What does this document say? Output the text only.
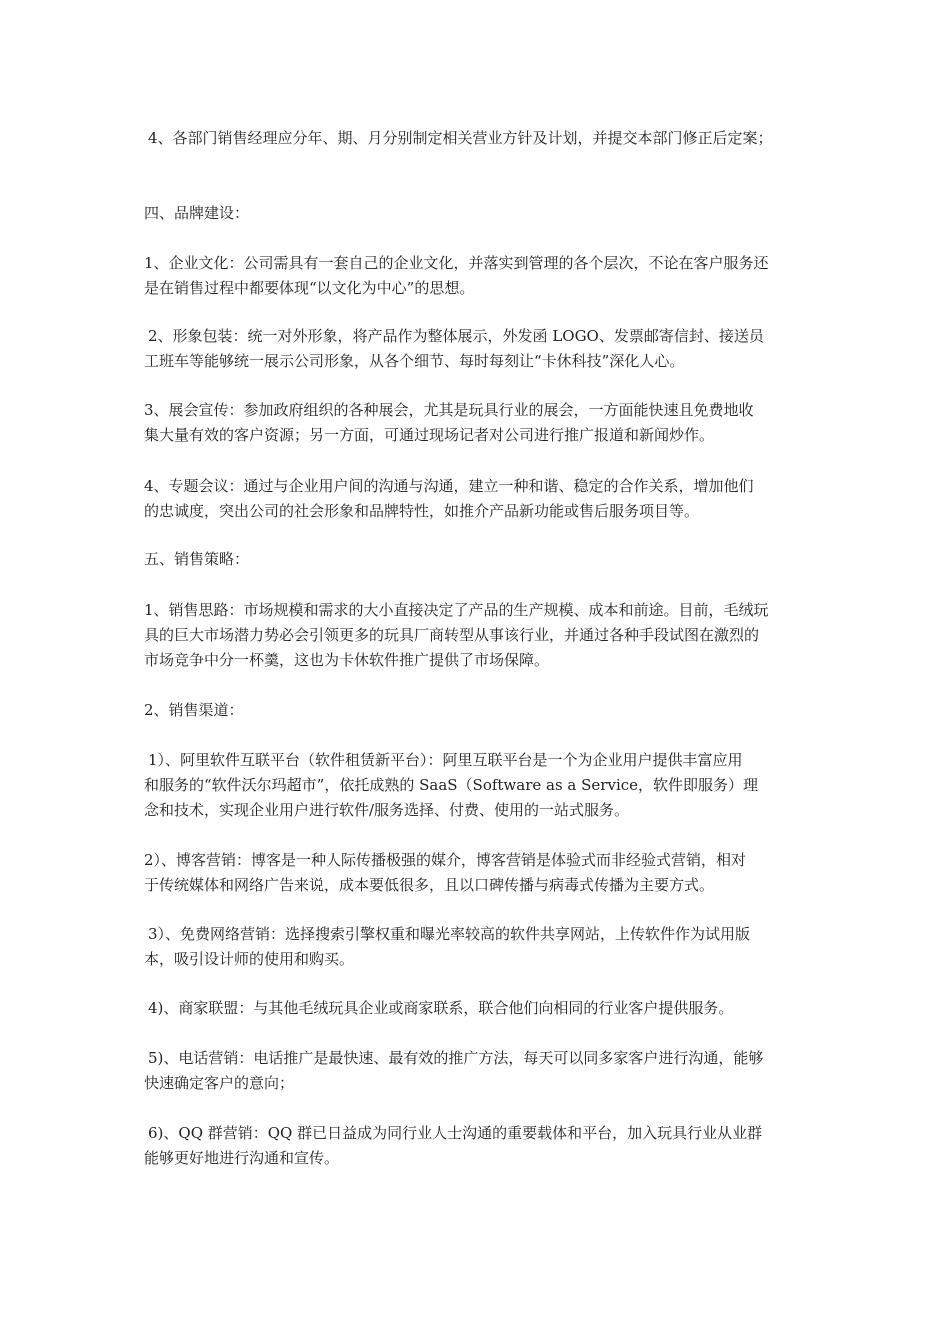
4、各部门销售经理应分年、期、月分别制定相关营业方针及计划，并提交本部门修正后定案；

四、品牌建设：

1、企业文化：公司需具有一套自己的企业文化，并落实到管理的各个层次，不论在客户服务还
是在销售过程中都要体现“以文化为中心”的思想。

2、形象包装：统一对外形象，将产品作为整体展示，外发函 LOGO、发票邮寄信封、接送员
工班车等能够统一展示公司形象，从各个细节、每时每刻让“卡休科技”深化人心。

3、展会宣传：参加政府组织的各种展会，尤其是玩具行业的展会，一方面能快速且免费地收
集大量有效的客户资源；另一方面，可通过现场记者对公司进行推广报道和新闻炒作。

4、专题会议：通过与企业用户间的沟通与沟通，建立一种和谐、稳定的合作关系，增加他们
的忠诚度，突出公司的社会形象和品牌特性，如推介产品新功能或售后服务项目等。

五、销售策略：

1、销售思路：市场规模和需求的大小直接决定了产品的生产规模、成本和前途。目前，毛绒玩
具的巨大市场潜力势必会引领更多的玩具厂商转型从事该行业，并通过各种手段试图在激烈的
市场竞争中分一杯羹，这也为卡休软件推广提供了市场保障。

2、销售渠道：

1）、阿里软件互联平台（软件租赁新平台）：阿里互联平台是一个为企业用户提供丰富应用
和服务的“软件沃尔玛超市”，依托成熟的 SaaS（Software as a Service，软件即服务）理
念和技术，实现企业用户进行软件/服务选择、付费、使用的一站式服务。

2）、博客营销：博客是一种人际传播极强的媒介，博客营销是体验式而非经验式营销，相对
于传统媒体和网络广告来说，成本要低很多，且以口碑传播与病毒式传播为主要方式。

3）、免费网络营销：选择搜索引擎权重和曝光率较高的软件共享网站，上传软件作为试用版
本，吸引设计师的使用和购买。

4)、商家联盟：与其他毛绒玩具企业或商家联系，联合他们向相同的行业客户提供服务。

5)、电话营销：电话推广是最快速、最有效的推广方法，每天可以同多家客户进行沟通，能够
快速确定客户的意向；

6)、QQ 群营销：QQ 群已日益成为同行业人士沟通的重要载体和平台，加入玩具行业从业群
能够更好地进行沟通和宣传。
